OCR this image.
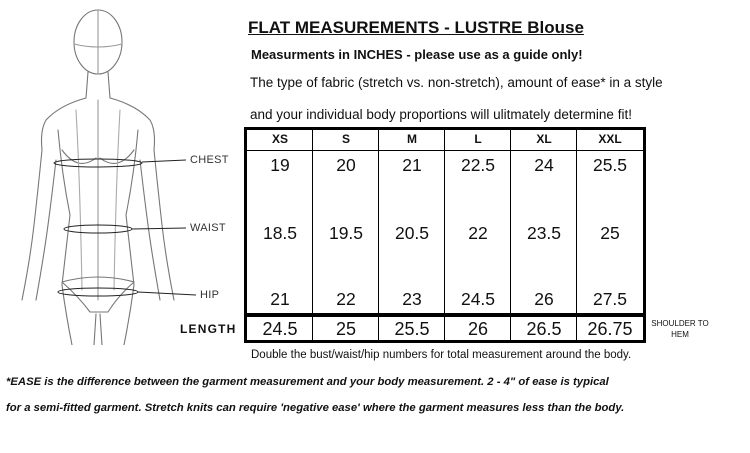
CHEST
WAIST
HIP
LENGTH
FLAT MEASUREMENTS - LUSTRE Blouse
Measurments in INCHES - please use as a guide only!
The type of fabric (stretch vs. non-stretch), amount of ease* in a style
and your individual body proportions will ulitmately determine fit!
XS	S	M	L	XL	XXL
19	20	21	22.5	24	25.5
18.5	19.5	20.5	22	23.5	25
21	22	23	24.5	26	27.5
24.5	25	25.5	26	26.5	26.75	SHOULDER TO HEM
Double the bust/waist/hip numbers for total measurement around the body.
*EASE is the difference between the garment measurement and your body measurement. 2 - 4" of ease is typical
for a semi-fitted garment. Stretch knits can require 'negative ease' where the garment measures less than the body.
